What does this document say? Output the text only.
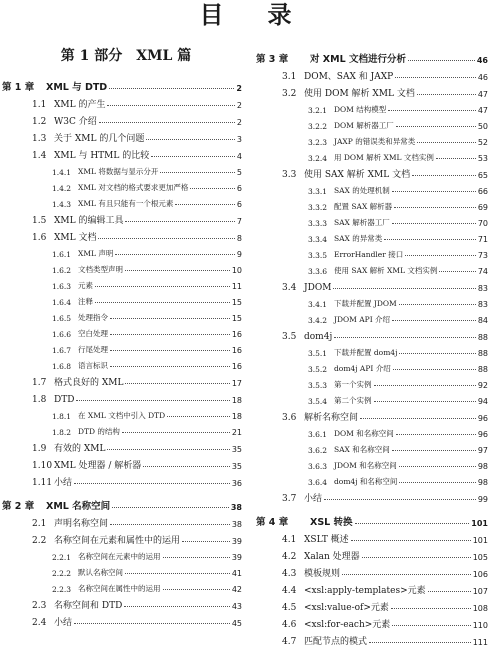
目 录
第 1 部分　XML 篇
第 1 章	XML 与 DTD	2
1.1 XML 的产生	2
1.2 W3C 介绍	2
1.3 关于 XML 的几个问题	3
1.4 XML 与 HTML 的比较	4
1.4.1 XML 将数据与显示分开	5
1.4.2 XML 对文档的格式要求更加严格	6
1.4.3 XML 有且只能有一个根元素	6
1.5 XML 的编辑工具	7
1.6 XML 文档	8
1.6.1 XML 声明	9
1.6.2 文档类型声明	10
1.6.3 元素	11
1.6.4 注释	15
1.6.5 处理指令	15
1.6.6 空白处理	16
1.6.7 行尾处理	16
1.6.8 语言标识	16
1.7 格式良好的 XML	17
1.8 DTD	18
1.8.1 在 XML 文档中引入 DTD	18
1.8.2 DTD 的结构	21
1.9 有效的 XML	35
1.10 XML 处理器 / 解析器	35
1.11 小结	36
第 2 章	XML 名称空间	38
2.1 声明名称空间	38
2.2 名称空间在元素和属性中的运用	39
2.2.1 名称空间在元素中的运用	39
2.2.2 默认名称空间	41
2.2.3 名称空间在属性中的运用	42
2.3 名称空间和 DTD	43
2.4 小结	45
第 3 章	对 XML 文档进行分析	46
3.1 DOM、SAX 和 JAXP	46
3.2 使用 DOM 解析 XML 文档	47
3.2.1 DOM 结构模型	47
3.2.2 DOM 解析器工厂	50
3.2.3 JAXP 的错误类和异常类	52
3.2.4 用 DOM 解析 XML 文档实例	53
3.3 使用 SAX 解析 XML 文档	65
3.3.1 SAX 的处理机制	66
3.3.2 配置 SAX 解析器	69
3.3.3 SAX 解析器工厂	70
3.3.4 SAX 的异常类	71
3.3.5 ErrorHandler 接口	73
3.3.6 使用 SAX 解析 XML 文档实例	74
3.4 JDOM	83
3.4.1 下载并配置 JDOM	83
3.4.2 JDOM API 介绍	84
3.5 dom4j	88
3.5.1 下载并配置 dom4j	88
3.5.2 dom4j API 介绍	88
3.5.3 第一个实例	92
3.5.4 第二个实例	94
3.6 解析名称空间	96
3.6.1 DOM 和名称空间	96
3.6.2 SAX 和名称空间	97
3.6.3 JDOM 和名称空间	98
3.6.4 dom4j 和名称空间	98
3.7 小结	99
第 4 章	XSL 转换	101
4.1 XSLT 概述	101
4.2 Xalan 处理器	105
4.3 模板规则	106
4.4 <xsl:apply-templates>元素	107
4.5 <xsl:value-of>元素	108
4.6 <xsl:for-each>元素	110
4.7 匹配节点的模式	111
